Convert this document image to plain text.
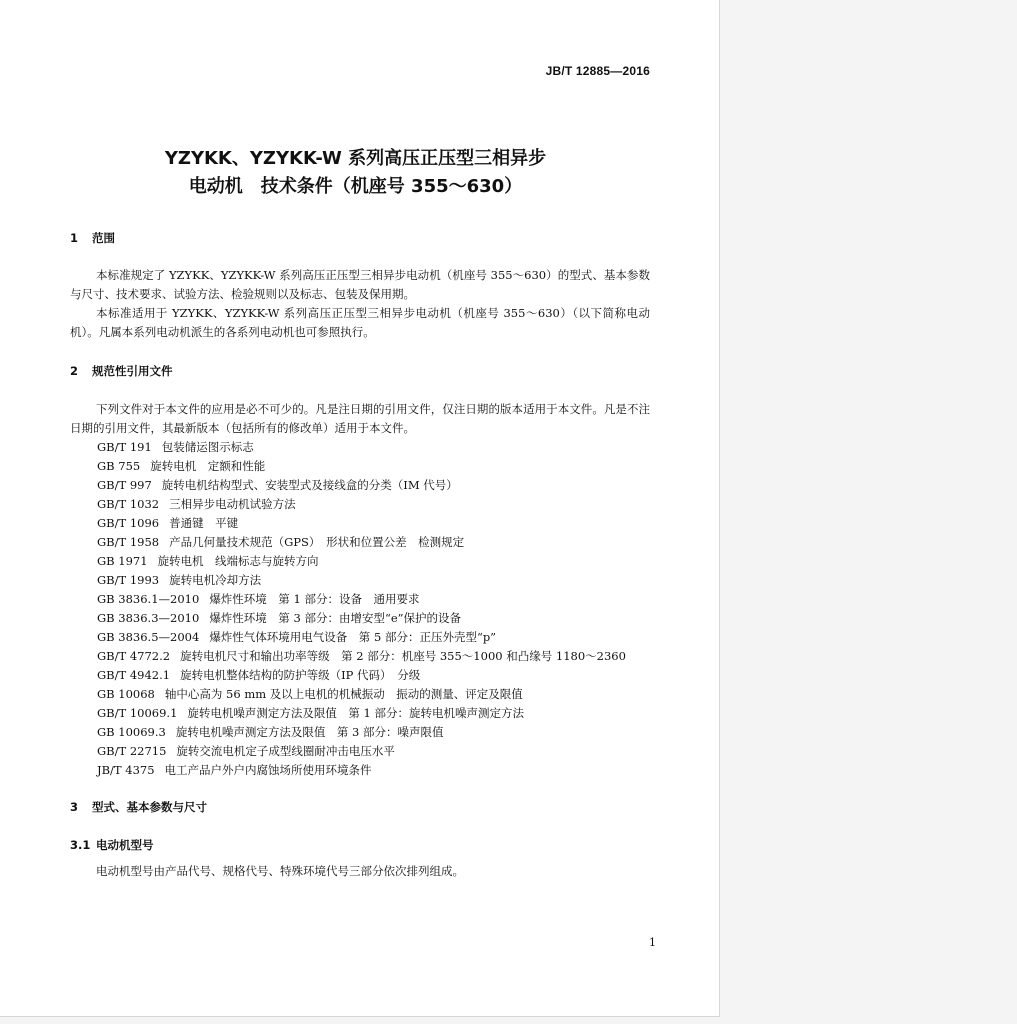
JB/T 12885—2016
YZYKK、YZYKK-W 系列高压正压型三相异步
电动机　技术条件（机座号 355～630）
1 范围
本标准规定了 YZYKK、YZYKK-W 系列高压正压型三相异步电动机（机座号 355～630）的型式、基本参数与尺寸、技术要求、试验方法、检验规则以及标志、包装及保用期。
本标准适用于 YZYKK、YZYKK-W 系列高压正压型三相异步电动机（机座号 355～630）（以下简称电动机）。凡属本系列电动机派生的各系列电动机也可参照执行。
2 规范性引用文件
下列文件对于本文件的应用是必不可少的。凡是注日期的引用文件，仅注日期的版本适用于本文件。凡是不注日期的引用文件，其最新版本（包括所有的修改单）适用于本文件。
GB/T 191 包装储运图示标志
GB 755 旋转电机　定额和性能
GB/T 997 旋转电机结构型式、安装型式及接线盒的分类（IM 代号）
GB/T 1032 三相异步电动机试验方法
GB/T 1096 普通键　平键
GB/T 1958 产品几何量技术规范（GPS）　形状和位置公差　检测规定
GB 1971 旋转电机　线端标志与旋转方向
GB/T 1993 旋转电机冷却方法
GB 3836.1—2010 爆炸性环境　第 1 部分：设备　通用要求
GB 3836.3—2010 爆炸性环境　第 3 部分：由增安型“e”保护的设备
GB 3836.5—2004 爆炸性气体环境用电气设备　第 5 部分：正压外壳型“p”
GB/T 4772.2 旋转电机尺寸和输出功率等级　第 2 部分：机座号 355～1000 和凸缘号 1180～2360
GB/T 4942.1 旋转电机整体结构的防护等级（IP 代码）　分级
GB 10068 轴中心高为 56 mm 及以上电机的机械振动　振动的测量、评定及限值
GB/T 10069.1 旋转电机噪声测定方法及限值　第 1 部分：旋转电机噪声测定方法
GB 10069.3 旋转电机噪声测定方法及限值　第 3 部分：噪声限值
GB/T 22715 旋转交流电机定子成型线圈耐冲击电压水平
JB/T 4375 电工产品户外户内腐蚀场所使用环境条件
3 型式、基本参数与尺寸
3.1 电动机型号
电动机型号由产品代号、规格代号、特殊环境代号三部分依次排列组成。
1
